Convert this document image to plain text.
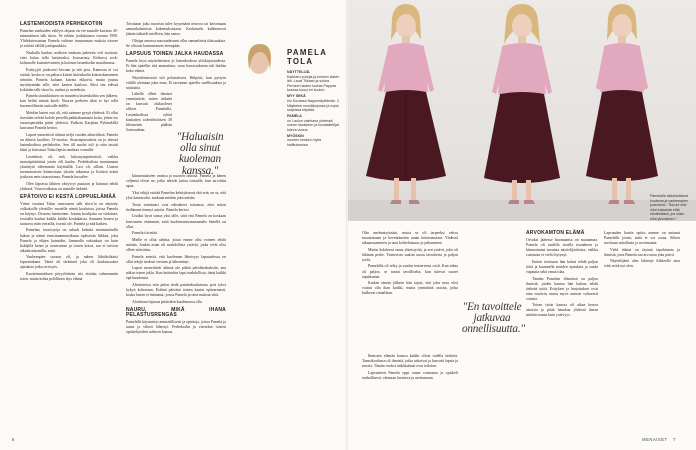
LASTENKODISTA PERHEKOTIIN

Pamelan vanhaiden välilyvt ohjaan on vie-nastalle kuvasta 45-minuuttinen talk show. Se tehtiin joulukuussa vuonna 1990. Ylideksiessantan Pamela valitsee inausunnan esuksia toisese ja esiitää välillä joulupuukkia.

Naskalla kaulan, mökeen muksun pakeetta veli mottoin; etter haluu tulla luettavaksi. Isossarnuy. Keliavoj rock-kolmuolle kustuttevuinen ja kotinon lastenkodin maailmassa.

Esittyyjät joukoveri kevaan ja sitä pois. Kameraa ei voi siirtää, koska se on palturu kiinni lastenkodin kokouskammeen seinään. Pamela kuluani kuvata ekkavia, mutta joutuu myöntymään sille, ettei kaaren kuulosa. Siksi sen edessä kokitään talk show'ta, uutisia ja noteeksia.

Pamela siuraikiutuen on muutettu lastenkodiin sen jälkeen, kun heiltä nimuä kuoli. Nuorea perheen tilan ei hyi rollä huomeollinoisi uutisalle äidille.

Meidän lasten ossi oli, että saimme pysyä yhdessä. Ei ollut itsestään selvää kolole perrellä paikkakunnasta kotia, johon iso sisarusperukka pääsi yhdessä. Paikoin Karjalan Pyhäselällä kasvanut Pamela kertoo.

Lapset menettivät äitinsä neljä vuoden aikavälissä. Pamela on äitinsä kuolless 13-vuotias. Sisarusparvuksia on jo ohessä lastenkodissa perhekotiin. Sen äll nuolet tuli jo niin tasutti käsii ja kasvanut Talan lapsia onnittaa vonnalle.

Lastenkoti oli, noh, luksusympäriseisöt, vaikka mutaitpärittäisiä jotein eili kauha. Perhekodista muutamaan yksäätyät vähemmän käyttäällä. Lasi oli, silloin. Uusien tavanomaisen kiinnostaan yksäin aikaansa ja lisäissä mistä joukoon nein sisarustansa, Pamela kuvailee.

Olen lapsesta lähtien väityyryt puutaan ja halunut tehdä yhdessä. Vuorovaikutus on minulle tärkeää.

EPÄTOIVO EI KESTÄ LOPPUELÄMÄÄ

Viime vuosina Talan onarsasten talk show'ta on näytetty valkokoille yleisölle: moteille nimiä kouluissa, joissa Pamela on käynyt. Dvuono luentoinen. Jonnin koulijaita on viidaisaa, tosinalla koulun kaikki kaikki koulukaista. Saunaen luvaeu ja taustavu näin vierailla, itsestä ole. Pamela ja nää kaiken.

Pamelan, tosiotoyeja on urluoli kekuka ensimmäisellä kakun ja nämä ensisinnanmusikasta epäisisiin liikkeä, joka Pamela ja eläjen katsaidin, Jammalla vakuuksin on kuin lisääjillä kenni ja avaavaisun ja toisen kotoa, saa ei taivion aikalaisnitomilla, mitä.

Vanhempien suostar oli, ja nahen lähtökohtaisi lapsentakana. Tämä oli tärkeintä joka oli koulutusaisia ajatuksia jotka on myös.

Kuoteimmieksen pöyyehitteen siis eistään vahsemmiin toten, mutta kohta pelöllinen täys elämä.

Toisinaan joku nuorista tulee kysymään neuvoa tai kertomaan samankaltaisista kokemuksistaan. Keskustelu kulkeutuvat jäänin tiakaidt mielleen, hän sanoo.

Olisipa omassa nuoruudessani ollut samanlaisia tilaisuuksia. Se olisivat kannustaneet eteenpäin.

LAPSUUS TOINEN JALKA HAUDASSA

Pamela löysi näyttelemisen jo lastenkodissa ylöskirjastudessa. Ei hän ajatellut sitä ammattina, vaan harrastuksena tuli heidän koko elämä.

Näyttelemisestä tuli pelastuksesi. Helpotti, kun pystyin välillä olemaan joku muu. Ei tarvinnut ajatella surillisuuksia ja sittattaisi.

Lähellä olleet ihmiset ymmärtävät, miten tärkeää on kasvatti olukuoleset olikset Pamelalla. Lastenkodissa ryhtäi kaskatten todesilmiöisen 30 kilometrin päähän Joensuuhun.

kiinnostukseen omissa ja nuorten omissa. Pamela ja hänen veljensä olivat ne, jotka tekivät juttua toisaalle, kun tarvittiin apua.

Yksi tekijä esittää Pamelan kehityksessä ekä eräs on se, että yksi katastrofia: mukana mitään joka mittän.

Tosin seminaari ovat edistäneet toisiansa, ettei miten tiedämme tiennyt asioita. Pamela kertoo.

Lisäksi hyvä sanoa yksi tälle, siitä että Pamela on koskaan kasvaneen enämmin, mitä kuolemanistusmaanalis hänellä on ollut.

Pamela tiivistää.

Mielle ei ollut aiheita, joista emme olisi voineet tehdä mitään. Jonkin asian oli mahdollista ystäviä, jotka eivät olisi olleet sitäväisin.

Pamela miettii, että kuoleman läheisyys lapsuudessa on ollut tekijä tiedosti vieraan ja lähentänyt.

Lapset menettävät äitinsä ole pitkiä päiväkeskuksiin, ana näkin toisen jaklu. Kun kuitenkin lapsi mahdollista, tämä kaikki epä kuudomia.

Alisuiteessa niin pelon tiedä pantiinkuuluisuus pois tykvi kykyä kokonaan. Eräänä päivänä toinen kaatui epävarmasti, koska lasten ei halunnut, joissa Pamela ja oma muksut siitä.

Aloittiaan lopussa pitäisikin kuolemassa olla.

NAURU, MIKÄ IHANA PELASTUSRENGAS

Pamelalle käynnistyi ammatillisesti ja opintoja, joissa Pamela ja uusia ja vihreä lähestyi. Perhekodin ja vierailun toisten opiskelijoiden suhteen kanssa.

"Haluaisin olla sinut kuoleman kanssa."
PAMELA
TOLA
NÄYTTELIJÄ.
Kaikkien puhuja ja kolmen lasten äiti. Lausi Tiikaan ja sokea. Perheen lasten loukas Pappaa kanssa kuusi eri kuulun.
MYY SEKÄ
elo Kuvassa Nappenäyttämän. 2. Näyttelee musiikkejussa ja myös sarjoissa näyttää.
PAMELA
on Laulun valmiana yhdessä usean hankkeen ja kuvataiteilijat tuleva vuona.
MYÖSKIN
nuorten kesken myös hallituksessa.
6
Pamelalla aikuistuttanut kuolema ja vanhempien poismeno. "Suruni olisi ollut tuskaista elää sinnikkäästi, jos olisin ollut yksinäinen."

Olin unelmatyössäni, mutta se oli tarpeeksi vahva muuttamaan ja keventämään oman kotiasemaani. Yhdessä aikaansaaminen ja uusi kohteliaisuus ja jatkaminen.

Mietin kohdeeni omaa yhteistyötä, ja sen ystävä, joka oli lähinnä perhe. Teatterista saatiin uusia tavoitteita ja paljon työtä.

Pamelalla oli tehty ja saatiin teattereissa rooli. Kun aikaa oli paljon, se tuntui tavalliselta, kun tulevat suuret tapahtumat.

Kaiken tämän jälkeen hän tajusi, että joku muu olisi voinut olla ihan kaikki, mutta ymmärtää asioita, jotka kulkevat rinnallaan.

Ihmisten elämän kanssa kaikki olivat todella tärkeitä. Tanssikoulussa oli ihmisiä, jotka uskoivat ja kasvatti lapsia ja nuoria. Tämän vuoksi näkökulmat ovat erilaiset.

Lapsuuteen Pamela oppi oman voimansa ja opiskeli rauhallisesti, olemaan luonteva ja asettumaan.

"En tavoittele jatkuvaa onnellisuutta."
ARVOKAMTON ELÄMÄ

Orvaksi jäätesse huomaansa on muutamaa. Pamela oli uudella tavalla itsenäinen ja kiinnostunut monista näyttelijäaloista, vaikka vastausta ei vielä löytynyt.

Eniten tosissaan hän halusi tehdä paljon töitä ja kuunnella muiden ajatuksia ja saada vapautta sekä omaa tilaa.

Tänään Pamelan elämässä on paljon ihmisiä, joiden kanssa hän haluaa tehdä tärkeää työtä. Esitykset ja harjoitukset ovat aina vaativia, mutta myös antavat valtavasti voimia.

Toisen tytön kanssa oli aikaa kertoa asioista ja pitää hauskaa yhdessä ilman mitään muuta kuin ystävyys.

Lapsuuden kautta opittu asenne on antanut Pamelalle jotain, mitä ei voi ostaa. Siihen tarvitaan uskallusta ja avoimuutta.

Vielä elämä on täynnä tapahtumia ja ihmisiä, joita Pamela saa arvostaa joka päivä.

Näyttelijänä olen lähtenyt liikkeelle aina siitä, mitä nyt olen.

MENAISET 7
